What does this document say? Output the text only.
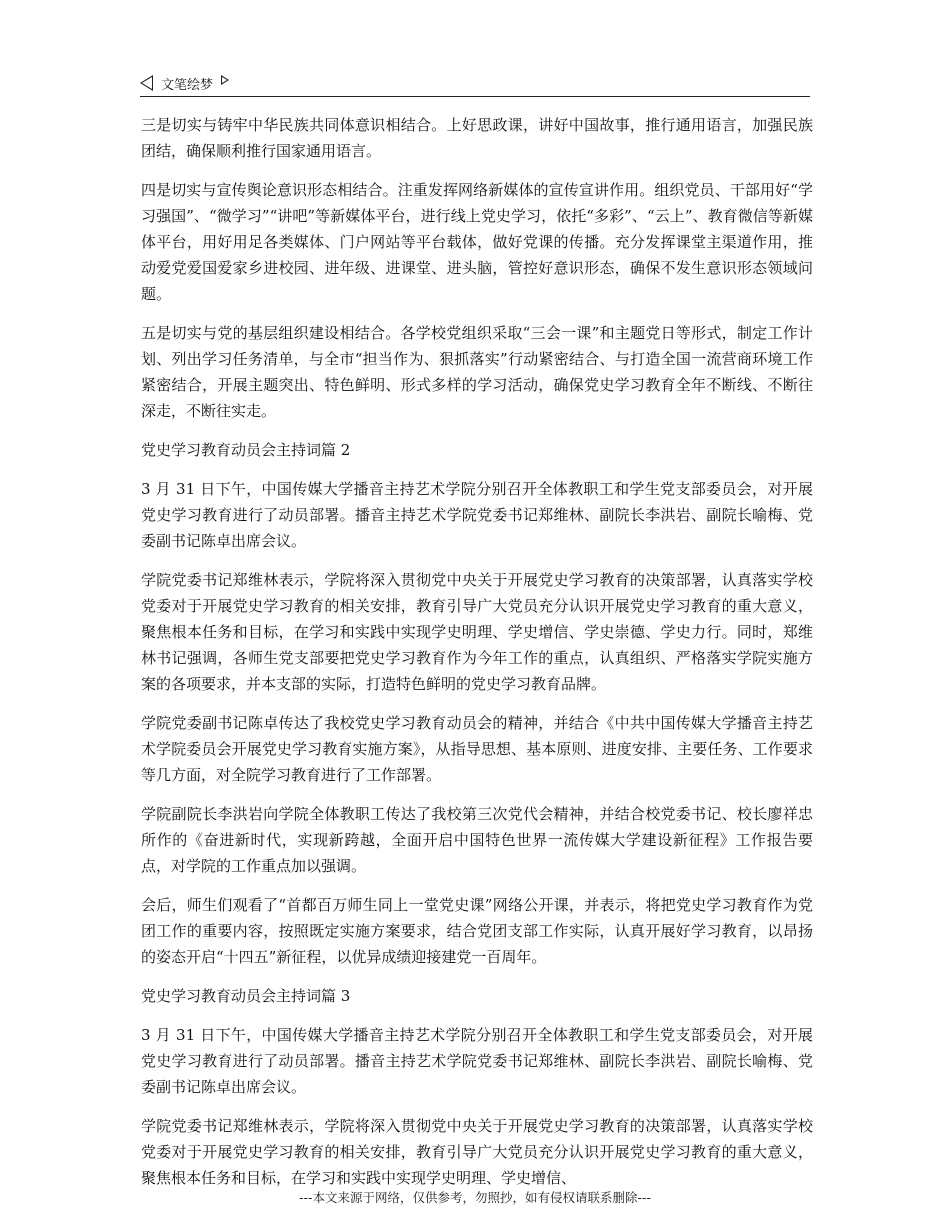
文笔绘梦

三是切实与铸牢中华民族共同体意识相结合。上好思政课，讲好中国故事，推行通用语言，加强民族团结，确保顺利推行国家通用语言。

四是切实与宣传舆论意识形态相结合。注重发挥网络新媒体的宣传宣讲作用。组织党员、干部用好“学习强国”、“微学习”“讲吧”等新媒体平台，进行线上党史学习，依托“多彩”、“云上”、教育微信等新媒体平台，用好用足各类媒体、门户网站等平台载体，做好党课的传播。充分发挥课堂主渠道作用，推动爱党爱国爱家乡进校园、进年级、进课堂、进头脑，管控好意识形态，确保不发生意识形态领域问题。

五是切实与党的基层组织建设相结合。各学校党组织采取“三会一课”和主题党日等形式，制定工作计划、列出学习任务清单，与全市“担当作为、狠抓落实”行动紧密结合、与打造全国一流营商环境工作紧密结合，开展主题突出、特色鲜明、形式多样的学习活动，确保党史学习教育全年不断线、不断往深走，不断往实走。

党史学习教育动员会主持词篇 2

3 月 31 日下午，中国传媒大学播音主持艺术学院分别召开全体教职工和学生党支部委员会，对开展党史学习教育进行了动员部署。播音主持艺术学院党委书记郑维林、副院长李洪岩、副院长喻梅、党委副书记陈卓出席会议。

学院党委书记郑维林表示，学院将深入贯彻党中央关于开展党史学习教育的决策部署，认真落实学校党委对于开展党史学习教育的相关安排，教育引导广大党员充分认识开展党史学习教育的重大意义，聚焦根本任务和目标，在学习和实践中实现学史明理、学史增信、学史崇德、学史力行。同时，郑维林书记强调，各师生党支部要把党史学习教育作为今年工作的重点，认真组织、严格落实学院实施方案的各项要求，并本支部的实际，打造特色鲜明的党史学习教育品牌。

学院党委副书记陈卓传达了我校党史学习教育动员会的精神，并结合《中共中国传媒大学播音主持艺术学院委员会开展党史学习教育实施方案》，从指导思想、基本原则、进度安排、主要任务、工作要求等几方面，对全院学习教育进行了工作部署。

学院副院长李洪岩向学院全体教职工传达了我校第三次党代会精神，并结合校党委书记、校长廖祥忠所作的《奋进新时代，实现新跨越，全面开启中国特色世界一流传媒大学建设新征程》工作报告要点，对学院的工作重点加以强调。

会后，师生们观看了“首都百万师生同上一堂党史课”网络公开课，并表示，将把党史学习教育作为党团工作的重要内容，按照既定实施方案要求，结合党团支部工作实际，认真开展好学习教育，以昂扬的姿态开启“十四五”新征程，以优异成绩迎接建党一百周年。

党史学习教育动员会主持词篇 3

3 月 31 日下午，中国传媒大学播音主持艺术学院分别召开全体教职工和学生党支部委员会，对开展党史学习教育进行了动员部署。播音主持艺术学院党委书记郑维林、副院长李洪岩、副院长喻梅、党委副书记陈卓出席会议。

学院党委书记郑维林表示，学院将深入贯彻党中央关于开展党史学习教育的决策部署，认真落实学校党委对于开展党史学习教育的相关安排，教育引导广大党员充分认识开展党史学习教育的重大意义，聚焦根本任务和目标，在学习和实践中实现学史明理、学史增信、

---本文来源于网络，仅供参考，勿照抄，如有侵权请联系删除---
